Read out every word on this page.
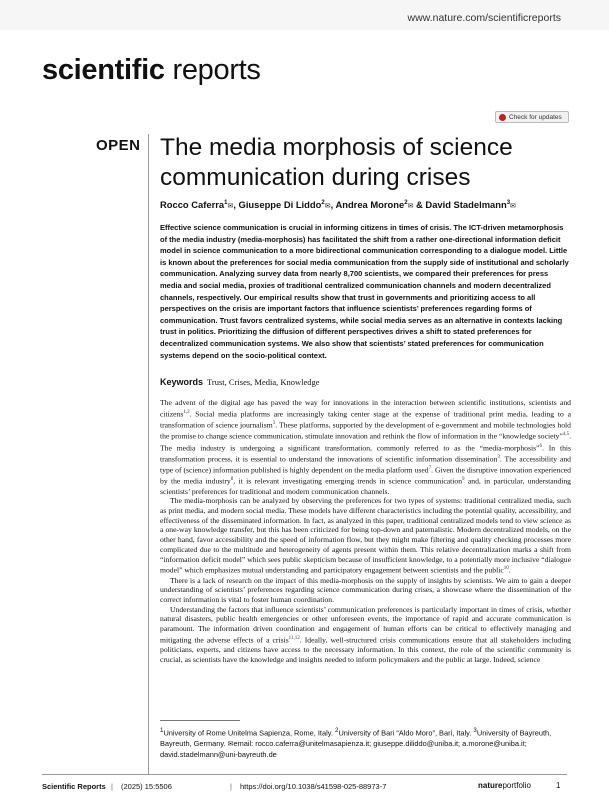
www.nature.com/scientificreports
scientific reports
Check for updates
OPEN The media morphosis of science communication during crises
Rocco Caferra$^1$✉, Giuseppe Di Liddo$^2$✉, Andrea Morone$^2$✉ & David Stadelmann$^3$✉
Effective science communication is crucial in informing citizens in times of crisis. The ICT-driven metamorphosis of the media industry (media-morphosis) has facilitated the shift from a rather one-directional information deficit model in science communication to a more bidirectional communication corresponding to a dialogue model. Little is known about the preferences for social media communication from the supply side of institutional and scholarly communication. Analyzing survey data from nearly 8,700 scientists, we compared their preferences for press media and social media, proxies of traditional centralized communication channels and modern decentralized channels, respectively. Our empirical results show that trust in governments and prioritizing access to all perspectives on the crisis are important factors that influence scientists’ preferences regarding forms of communication. Trust favors centralized systems, while social media serves as an alternative in contexts lacking trust in politics. Prioritizing the diffusion of different perspectives drives a shift to stated preferences for decentralized communication systems. We also show that scientists’ stated preferences for communication systems depend on the socio-political context.
Keywords Trust, Crises, Media, Knowledge

The advent of the digital age has paved the way for innovations in the interaction between scientific institutions, scientists and citizens$^{1,2}$. Social media platforms are increasingly taking center stage at the expense of traditional print media, leading to a transformation of science journalism$^3$. These platforms, supported by the development of e-government and mobile technologies hold the promise to change science communication, stimulate innovation and rethink the flow of information in the “knowledge society”$^{4,5}$. The media industry is undergoing a significant transformation, commonly referred to as the “media-morphosis”$^6$. In this transformation process, it is essential to understand the innovations of scientific information dissemination$^3$. The accessibility and type of (science) information published is highly dependent on the media platform used$^7$. Given the disruptive innovation experienced by the media industry$^8$, it is relevant investigating emerging trends in science communication$^9$ and, in particular, understanding scientists’ preferences for traditional and modern communication channels.

The media-morphosis can be analyzed by observing the preferences for two types of systems: traditional centralized media, such as print media, and modern social media. These models have different characteristics including the potential quality, accessibility, and effectiveness of the disseminated information. In fact, as analyzed in this paper, traditional centralized models tend to view science as a one-way knowledge transfer, but this has been criticized for being top-down and paternalistic. Modern decentralized models, on the other hand, favor accessibility and the speed of information flow, but they might make filtering and quality checking processes more complicated due to the multitude and heterogeneity of agents present within them. This relative decentralization marks a shift from “information deficit model” which sees public skepticism because of insufficient knowledge, to a potentially more inclusive “dialogue model” which emphasizes mutual understanding and participatory engagement between scientists and the public$^{10}$.

There is a lack of research on the impact of this media-morphosis on the supply of insights by scientists. We aim to gain a deeper understanding of scientists’ preferences regarding science communication during crises, a showcase where the dissemination of the correct information is vital to foster human coordination.

Understanding the factors that influence scientists’ communication preferences is particularly important in times of crisis, whether natural disasters, public health emergencies or other unforeseen events, the importance of rapid and accurate communication is paramount. The information driven coordination and engagement of human efforts can be critical to effectively managing and mitigating the adverse effects of a crisis$^{11,12}$. Ideally, well-structured crisis communications ensure that all stakeholders including politicians, experts, and citizens have access to the necessary information. In this context, the role of the scientific community is crucial, as scientists have the knowledge and insights needed to inform policymakers and the public at large. Indeed, science

$^1$University of Rome Unitelma Sapienza, Rome, Italy. $^2$University of Bari “Aldo Moro”, Bari, Italy. $^3$University of Bayreuth, Bayreuth, Germany. ✉email: rocco.caferra@unitelmasapienza.it; giuseppe.diliddo@uniba.it; a.morone@uniba.it; david.stadelmann@uni-bayreuth.de
Scientific Reports | (2025) 15:5506	| https://doi.org/10.1038/s41598-025-88973-7	natureportfolio	1
